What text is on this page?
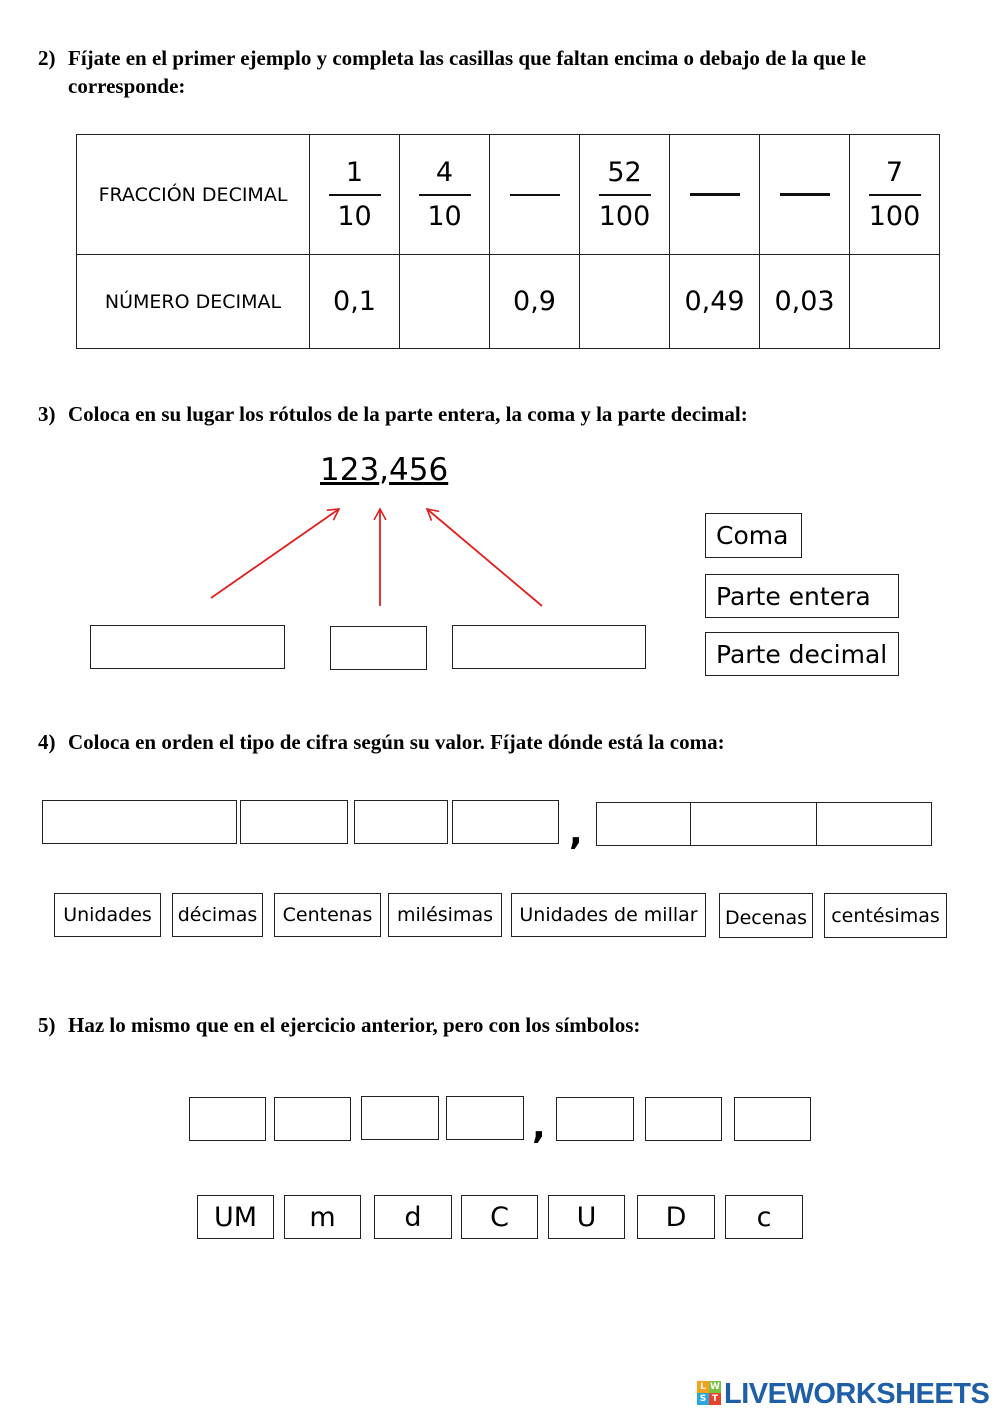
2) Fíjate en el primer ejemplo y completa las casillas que faltan encima o debajo de la que le
corresponde:
FRACCIÓN DECIMAL	$\frac{1}{10}$	$\frac{4}{10}$		$\frac{52}{100}$			$\frac{7}{100}$

NÚMERO DECIMAL	0,1		0,9		0,49	0,03	
3) Coloca en su lugar los rótulos de la parte entera, la coma y la parte decimal:
123,456
Coma
Parte entera
Parte decimal
4) Coloca en orden el tipo de cifra según su valor. Fíjate dónde está la coma:
,
Unidades	décimas	Centenas	milésimas	Unidades de millar	Decenas	centésimas
5) Haz lo mismo que en el ejercicio anterior, pero con los símbolos:
,
UM	m	d	C	U	D	c
L W
S T LIVEWORKSHEETS
